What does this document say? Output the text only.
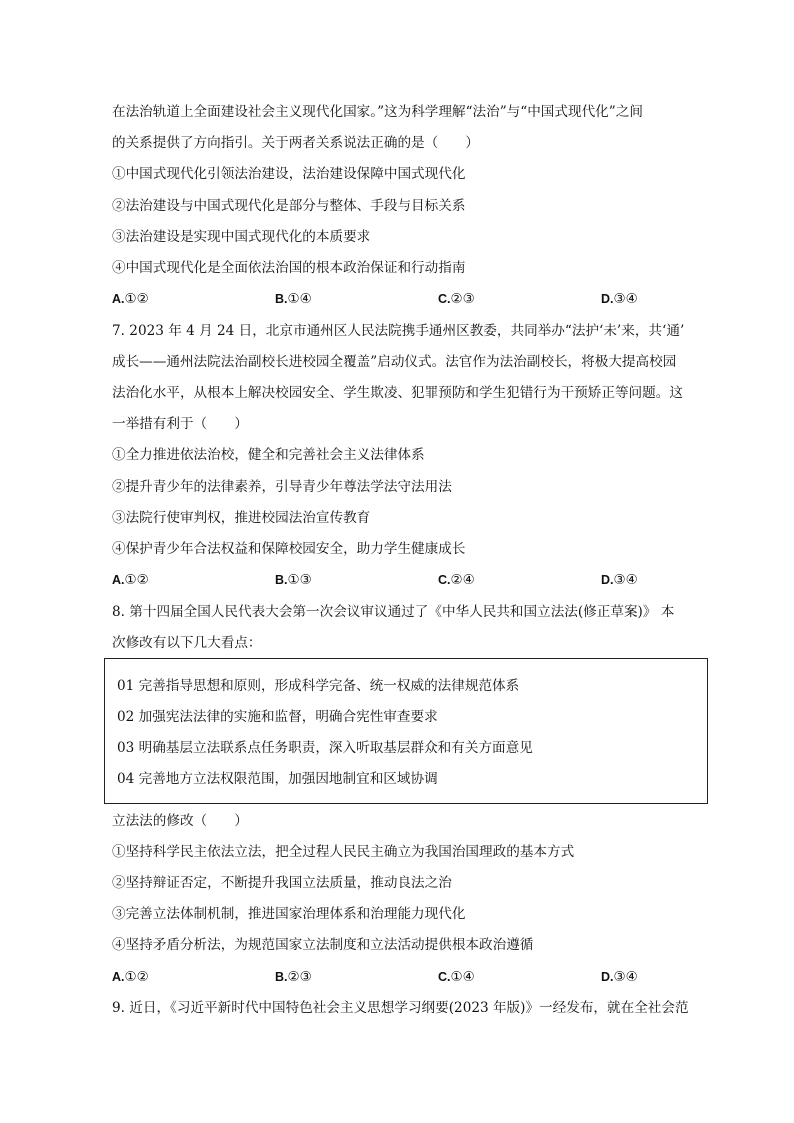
在法治轨道上全面建设社会主义现代化国家。”这为科学理解“法治”与“中国式现代化”之间
的关系提供了方向指引。关于两者关系说法正确的是（　　）
①中国式现代化引领法治建设，法治建设保障中国式现代化
②法治建设与中国式现代化是部分与整体、手段与目标关系
③法治建设是实现中国式现代化的本质要求
④中国式现代化是全面依法治国的根本政治保证和行动指南
A.①②	B.①④	C.②③	D.③④
7. 2023 年 4 月 24 日，北京市通州区人民法院携手通州区教委，共同举办“法护‘未’来，共‘通’
成长——通州法院法治副校长进校园全覆盖”启动仪式。法官作为法治副校长，将极大提高校园
法治化水平，从根本上解决校园安全、学生欺凌、犯罪预防和学生犯错行为干预矫正等问题。这
一举措有利于（　　）
①全力推进依法治校，健全和完善社会主义法律体系
②提升青少年的法律素养，引导青少年尊法学法守法用法
③法院行使审判权，推进校园法治宣传教育
④保护青少年合法权益和保障校园安全，助力学生健康成长
A.①②	B.①③	C.②④	D.③④
8. 第十四届全国人民代表大会第一次会议审议通过了《中华人民共和国立法法(修正草案)》 本
次修改有以下几大看点：
01 完善指导思想和原则，形成科学完备、统一权威的法律规范体系
02 加强宪法法律的实施和监督，明确合宪性审查要求
03 明确基层立法联系点任务职责，深入听取基层群众和有关方面意见
04 完善地方立法权限范围，加强因地制宜和区域协调
立法法的修改（　　）
①坚持科学民主依法立法，把全过程人民民主确立为我国治国理政的基本方式
②坚持辩证否定，不断提升我国立法质量，推动良法之治
③完善立法体制机制，推进国家治理体系和治理能力现代化
④坚持矛盾分析法，为规范国家立法制度和立法活动提供根本政治遵循
A.①②	B.②③	C.①④	D.③④
9. 近日，《习近平新时代中国特色社会主义思想学习纲要(2023 年版)》一经发布，就在全社会范
